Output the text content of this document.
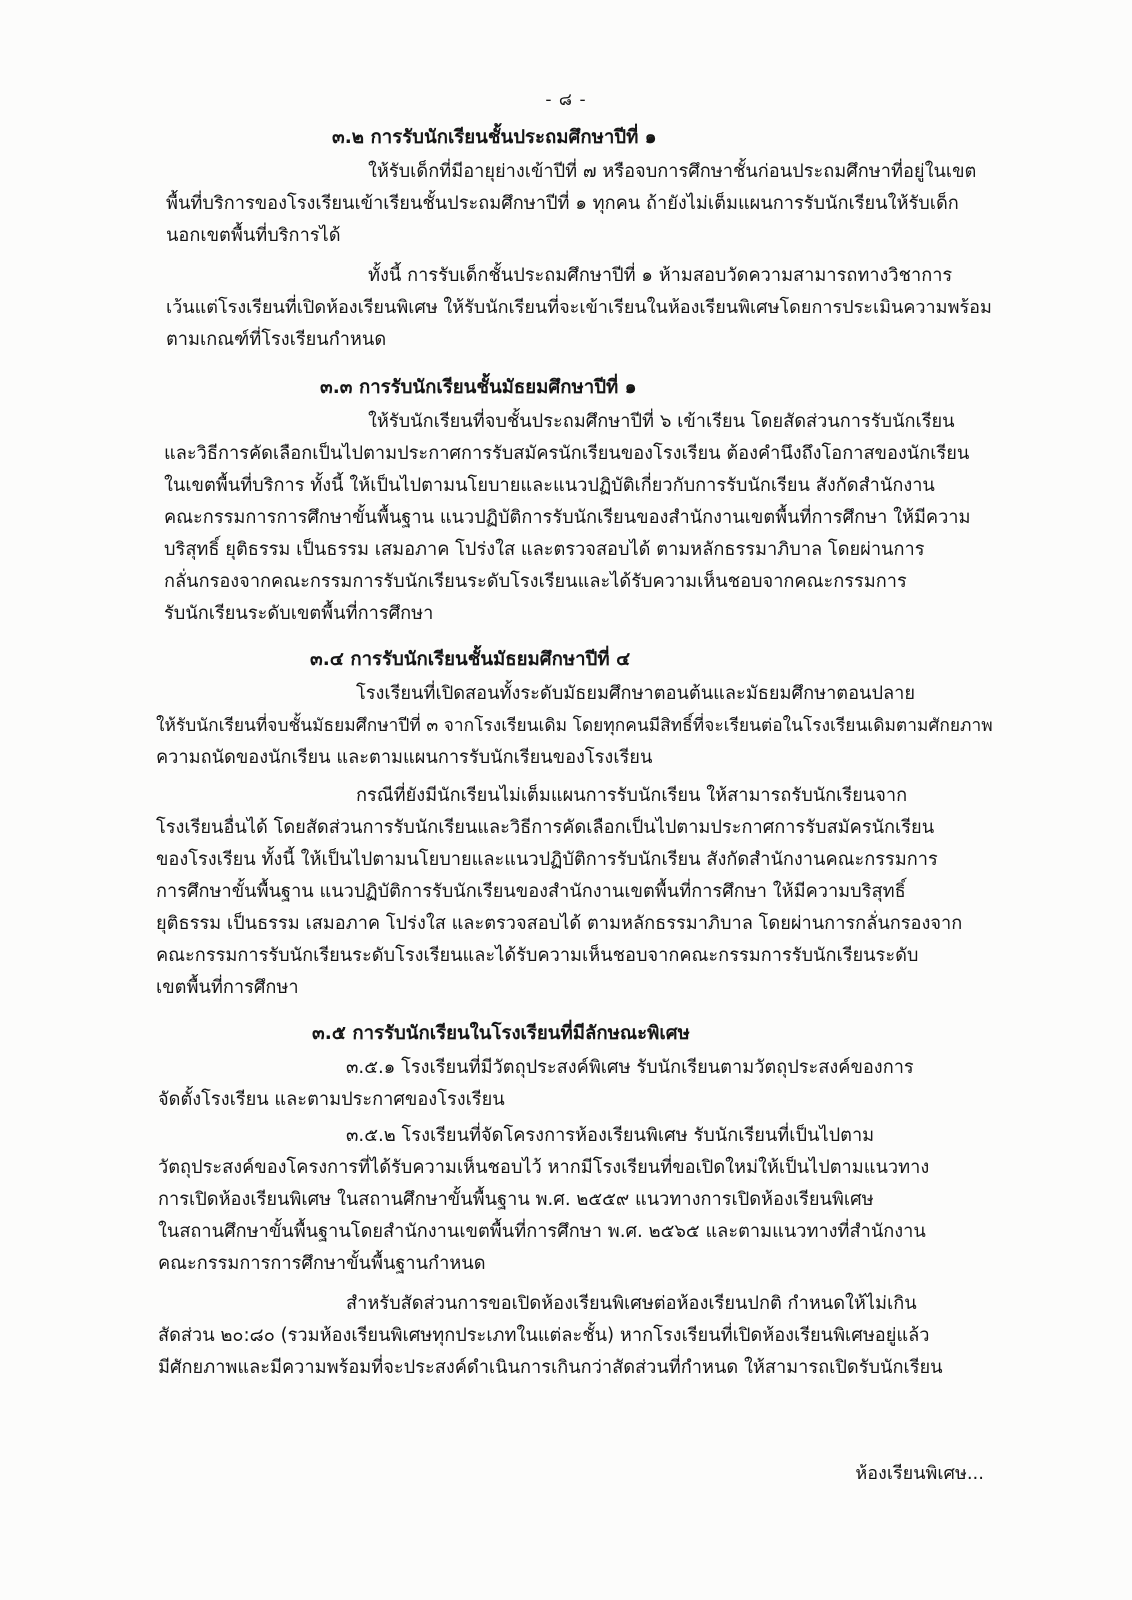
- ๘ -
๓.๒ การรับนักเรียนชั้นประถมศึกษาปีที่ ๑
ให้รับเด็กที่มีอายุย่างเข้าปีที่ ๗ หรือจบการศึกษาชั้นก่อนประถมศึกษาที่อยู่ในเขต
พื้นที่บริการของโรงเรียนเข้าเรียนชั้นประถมศึกษาปีที่ ๑ ทุกคน ถ้ายังไม่เต็มแผนการรับนักเรียนให้รับเด็ก
นอกเขตพื้นที่บริการได้
ทั้งนี้ การรับเด็กชั้นประถมศึกษาปีที่ ๑ ห้ามสอบวัดความสามารถทางวิชาการ
เว้นแต่โรงเรียนที่เปิดห้องเรียนพิเศษ ให้รับนักเรียนที่จะเข้าเรียนในห้องเรียนพิเศษโดยการประเมินความพร้อม
ตามเกณฑ์ที่โรงเรียนกำหนด
๓.๓ การรับนักเรียนชั้นมัธยมศึกษาปีที่ ๑
ให้รับนักเรียนที่จบชั้นประถมศึกษาปีที่ ๖ เข้าเรียน โดยสัดส่วนการรับนักเรียน
และวิธีการคัดเลือกเป็นไปตามประกาศการรับสมัครนักเรียนของโรงเรียน ต้องคำนึงถึงโอกาสของนักเรียน
ในเขตพื้นที่บริการ ทั้งนี้ ให้เป็นไปตามนโยบายและแนวปฏิบัติเกี่ยวกับการรับนักเรียน สังกัดสำนักงาน
คณะกรรมการการศึกษาขั้นพื้นฐาน แนวปฏิบัติการรับนักเรียนของสำนักงานเขตพื้นที่การศึกษา ให้มีความ
บริสุทธิ์ ยุติธรรม เป็นธรรม เสมอภาค โปร่งใส และตรวจสอบได้ ตามหลักธรรมาภิบาล โดยผ่านการ
กลั่นกรองจากคณะกรรมการรับนักเรียนระดับโรงเรียนและได้รับความเห็นชอบจากคณะกรรมการ
รับนักเรียนระดับเขตพื้นที่การศึกษา
๓.๔ การรับนักเรียนชั้นมัธยมศึกษาปีที่ ๔
โรงเรียนที่เปิดสอนทั้งระดับมัธยมศึกษาตอนต้นและมัธยมศึกษาตอนปลาย
ให้รับนักเรียนที่จบชั้นมัธยมศึกษาปีที่ ๓ จากโรงเรียนเดิม โดยทุกคนมีสิทธิ์ที่จะเรียนต่อในโรงเรียนเดิมตามศักยภาพ
ความถนัดของนักเรียน และตามแผนการรับนักเรียนของโรงเรียน
กรณีที่ยังมีนักเรียนไม่เต็มแผนการรับนักเรียน ให้สามารถรับนักเรียนจาก
โรงเรียนอื่นได้ โดยสัดส่วนการรับนักเรียนและวิธีการคัดเลือกเป็นไปตามประกาศการรับสมัครนักเรียน
ของโรงเรียน ทั้งนี้ ให้เป็นไปตามนโยบายและแนวปฏิบัติการรับนักเรียน สังกัดสำนักงานคณะกรรมการ
การศึกษาขั้นพื้นฐาน แนวปฏิบัติการรับนักเรียนของสำนักงานเขตพื้นที่การศึกษา ให้มีความบริสุทธิ์
ยุติธรรม เป็นธรรม เสมอภาค โปร่งใส และตรวจสอบได้ ตามหลักธรรมาภิบาล โดยผ่านการกลั่นกรองจาก
คณะกรรมการรับนักเรียนระดับโรงเรียนและได้รับความเห็นชอบจากคณะกรรมการรับนักเรียนระดับ
เขตพื้นที่การศึกษา
๓.๕ การรับนักเรียนในโรงเรียนที่มีลักษณะพิเศษ
๓.๕.๑ โรงเรียนที่มีวัตถุประสงค์พิเศษ รับนักเรียนตามวัตถุประสงค์ของการ
จัดตั้งโรงเรียน และตามประกาศของโรงเรียน
๓.๕.๒ โรงเรียนที่จัดโครงการห้องเรียนพิเศษ รับนักเรียนที่เป็นไปตาม
วัตถุประสงค์ของโครงการที่ได้รับความเห็นชอบไว้ หากมีโรงเรียนที่ขอเปิดใหม่ให้เป็นไปตามแนวทาง
การเปิดห้องเรียนพิเศษ ในสถานศึกษาขั้นพื้นฐาน พ.ศ. ๒๕๕๙ แนวทางการเปิดห้องเรียนพิเศษ
ในสถานศึกษาขั้นพื้นฐานโดยสำนักงานเขตพื้นที่การศึกษา พ.ศ. ๒๕๖๕ และตามแนวทางที่สำนักงาน
คณะกรรมการการศึกษาขั้นพื้นฐานกำหนด
สำหรับสัดส่วนการขอเปิดห้องเรียนพิเศษต่อห้องเรียนปกติ กำหนดให้ไม่เกิน
สัดส่วน ๒๐:๘๐ (รวมห้องเรียนพิเศษทุกประเภทในแต่ละชั้น) หากโรงเรียนที่เปิดห้องเรียนพิเศษอยู่แล้ว
มีศักยภาพและมีความพร้อมที่จะประสงค์ดำเนินการเกินกว่าสัดส่วนที่กำหนด ให้สามารถเปิดรับนักเรียน
ห้องเรียนพิเศษ...
